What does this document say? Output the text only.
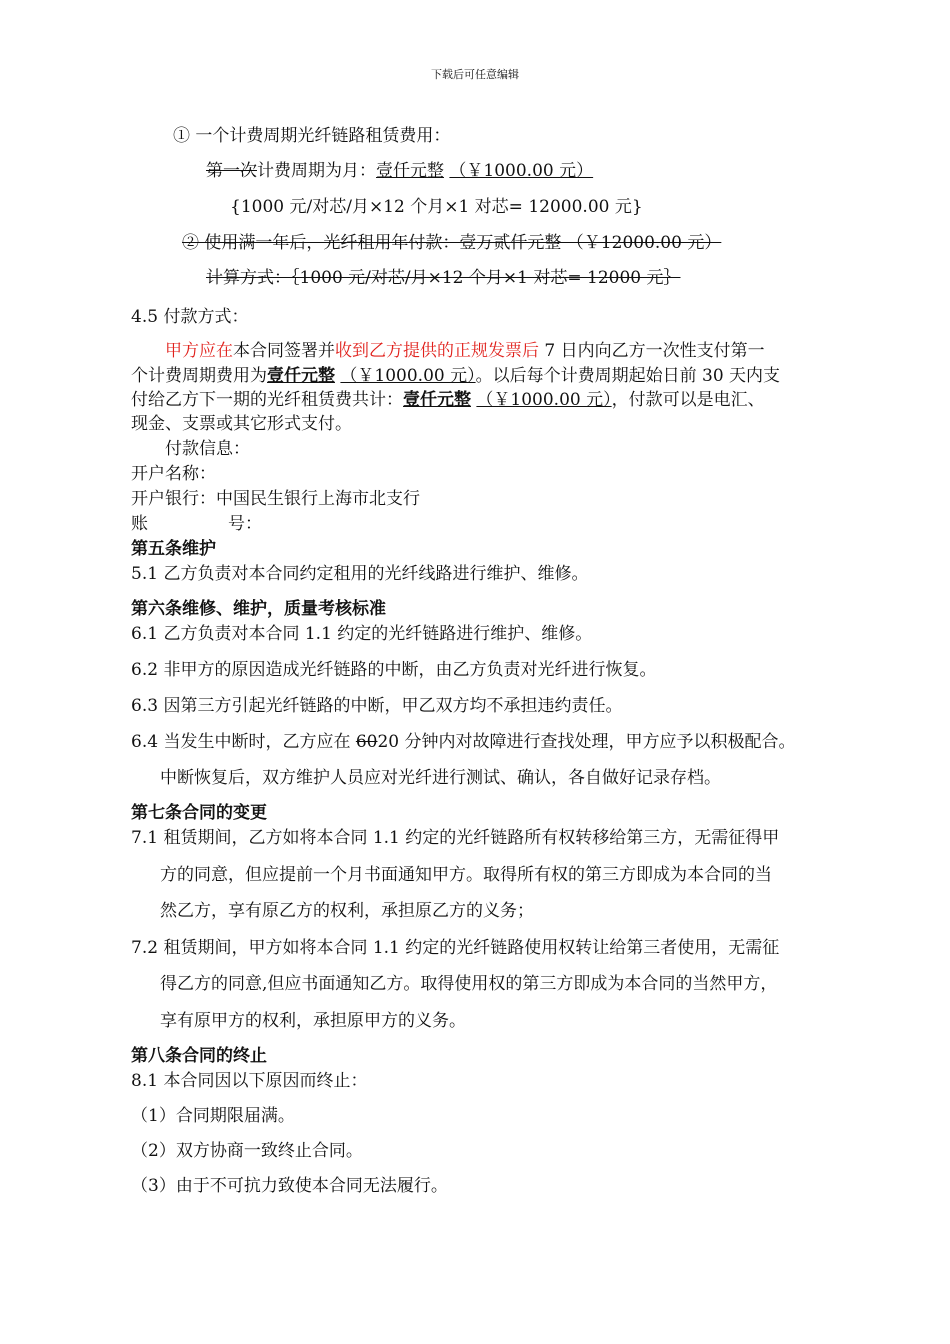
下载后可任意编辑
① 一个计费周期光纤链路租赁费用：
第一次计费周期为月：壹仟元整 （￥1000.00 元）
{1000 元/对芯/月×12 个月×1 对芯= 12000.00 元}
② 使用满一年后，光纤租用年付款：壹万贰仟元整 （￥12000.00 元）
计算方式：｛1000 元/对芯/月×12 个月×1 对芯= 12000 元｝
4.5 付款方式：
甲方应在本合同签署并收到乙方提供的正规发票后 7 日内向乙方一次性支付第一
个计费周期费用为壹仟元整 （￥1000.00 元）。以后每个计费周期起始日前 30 天内支
付给乙方下一期的光纤租赁费共计：壹仟元整 （￥1000.00 元），付款可以是电汇、
现金、支票或其它形式支付。
付款信息：
开户名称：
开户银行：中国民生银行上海市北支行
账	号：
第五条维护
5.1 乙方负责对本合同约定租用的光纤线路进行维护、维修。
第六条维修、维护，质量考核标准
6.1 乙方负责对本合同 1.1 约定的光纤链路进行维护、维修。
6.2 非甲方的原因造成光纤链路的中断，由乙方负责对光纤进行恢复。
6.3 因第三方引起光纤链路的中断，甲乙双方均不承担违约责任。
6.4 当发生中断时，乙方应在 6020 分钟内对故障进行查找处理，甲方应予以积极配合。
中断恢复后，双方维护人员应对光纤进行测试、确认，各自做好记录存档。
第七条合同的变更
7.1 租赁期间，乙方如将本合同 1.1 约定的光纤链路所有权转移给第三方，无需征得甲
方的同意，但应提前一个月书面通知甲方。取得所有权的第三方即成为本合同的当
然乙方，享有原乙方的权利，承担原乙方的义务；
7.2 租赁期间，甲方如将本合同 1.1 约定的光纤链路使用权转让给第三者使用，无需征
得乙方的同意,但应书面通知乙方。取得使用权的第三方即成为本合同的当然甲方，
享有原甲方的权利，承担原甲方的义务。
第八条合同的终止
8.1 本合同因以下原因而终止：
（1）合同期限届满。
（2）双方协商一致终止合同。
（3）由于不可抗力致使本合同无法履行。
